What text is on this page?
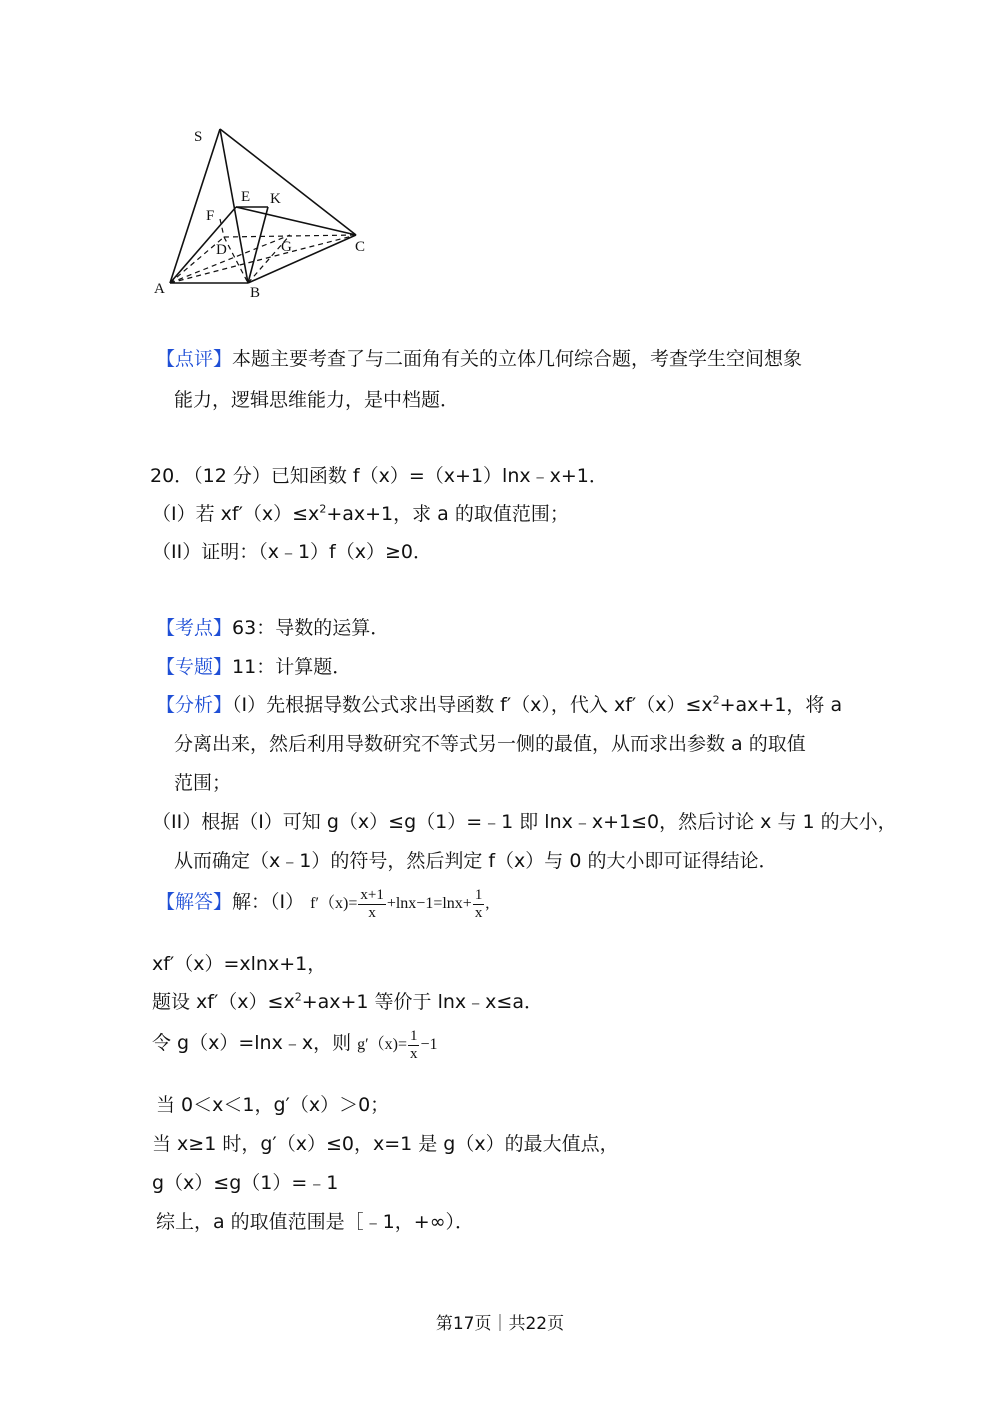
S
E K
F
D	G	C
A	B
【点评】本题主要考查了与二面角有关的立体几何综合题，考查学生空间想象
能力，逻辑思维能力，是中档题．
20．（12 分）已知函数 f（x）=（x+1）lnx﹣x+1．
（I）若 $xf'(x)\le x^2+ax+1$，求 a 的取值范围；
（II）证明：（x﹣1）f（x）≥0．
【考点】63：导数的运算．
【专题】11：计算题．
【分析】（I）先根据导数公式求出导函数 f′（x），代入 $xf'(x)\le x^2+ax+1$，将 a
分离出来，然后利用导数研究不等式另一侧的最值，从而求出参数 a 的取值
范围；
（II）根据（I）可知 g（x）≤g（1）=﹣1 即 lnx﹣x+1≤0，然后讨论 x 与 1 的大小，
从而确定（x﹣1）的符号，然后判定 f（x）与 0 的大小即可证得结论．
【解答】解：（I） $f'(x)= \frac{x+1}{x} +\ln x-1=\ln x+ \frac{1}{x}$ ,
xf′（x）=xlnx+1，
题设 $xf'(x)\le x^2+ax+1$ 等价于 lnx﹣x≤a．
令 g（x）=lnx﹣x，则 $g'(x)= \frac{1}{x} -1$
当 0＜x＜1，g′（x）＞0；
当 x≥1 时，g′（x）≤0，x=1 是 g（x）的最大值点，
g（x）≤g（1）=﹣1
综上，a 的取值范围是［﹣1，+∞）．
第17页｜共22页
